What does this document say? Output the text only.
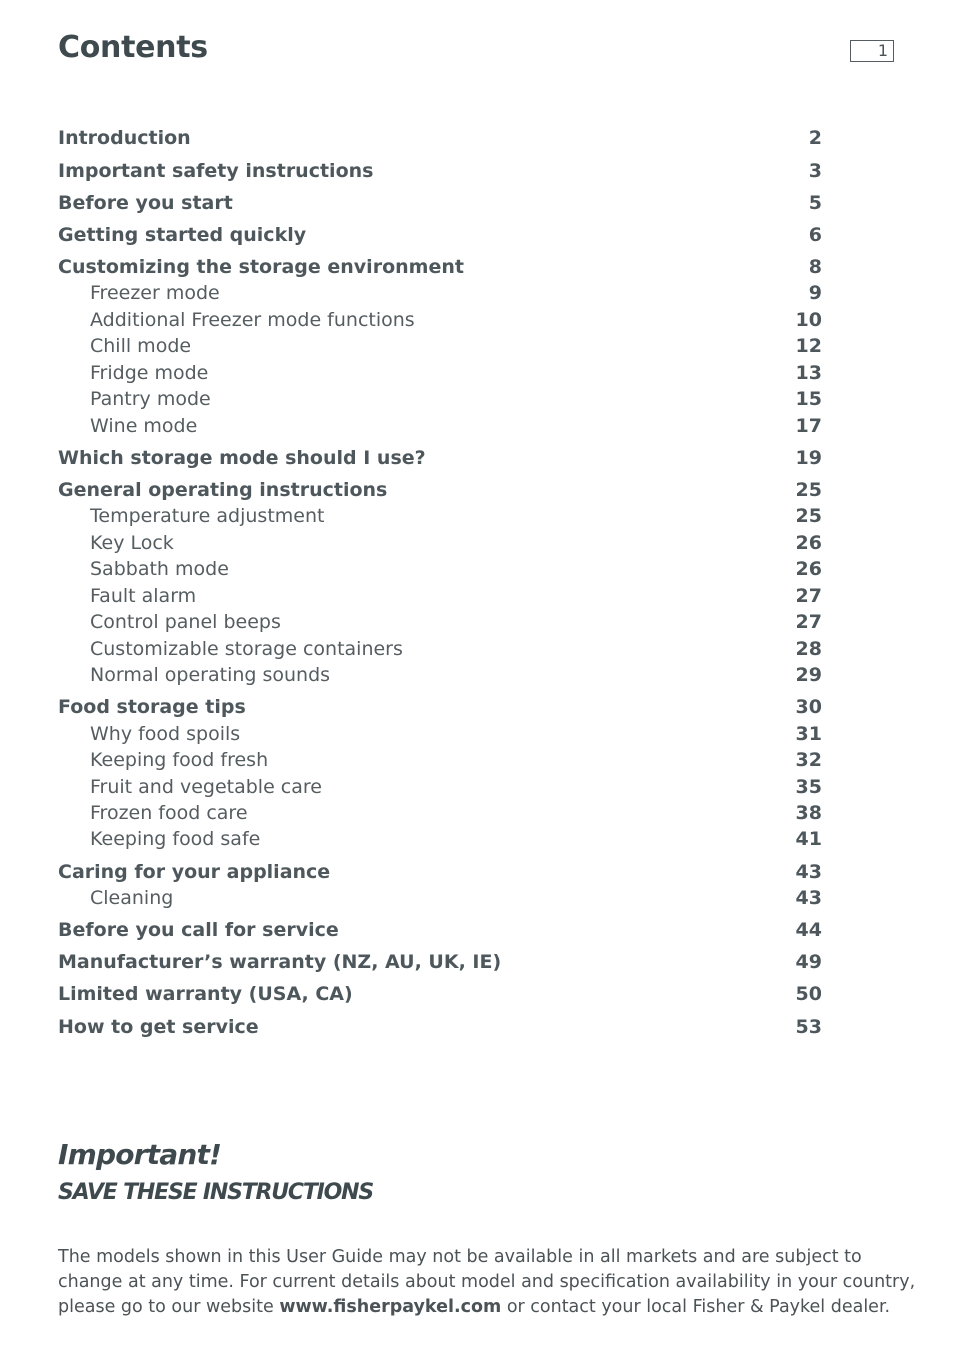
Contents	1
Introduction	2
Important safety instructions	3
Before you start	5
Getting started quickly	6
Customizing the storage environment	8
Freezer mode	9
Additional Freezer mode functions	10
Chill mode	12
Fridge mode	13
Pantry mode	15
Wine mode	17
Which storage mode should I use?	19
General operating instructions	25
Temperature adjustment	25
Key Lock	26
Sabbath mode	26
Fault alarm	27
Control panel beeps	27
Customizable storage containers	28
Normal operating sounds	29
Food storage tips	30
Why food spoils	31
Keeping food fresh	32
Fruit and vegetable care	35
Frozen food care	38
Keeping food safe	41
Caring for your appliance	43
Cleaning	43
Before you call for service	44
Manufacturer’s warranty (NZ, AU, UK, IE)	49
Limited warranty (USA, CA)	50
How to get service	53
Important!
SAVE THESE INSTRUCTIONS
The models shown in this User Guide may not be available in all markets and are subject to change at any time. For current details about model and specification availability in your country, please go to our website www.fisherpaykel.com or contact your local Fisher & Paykel dealer.
